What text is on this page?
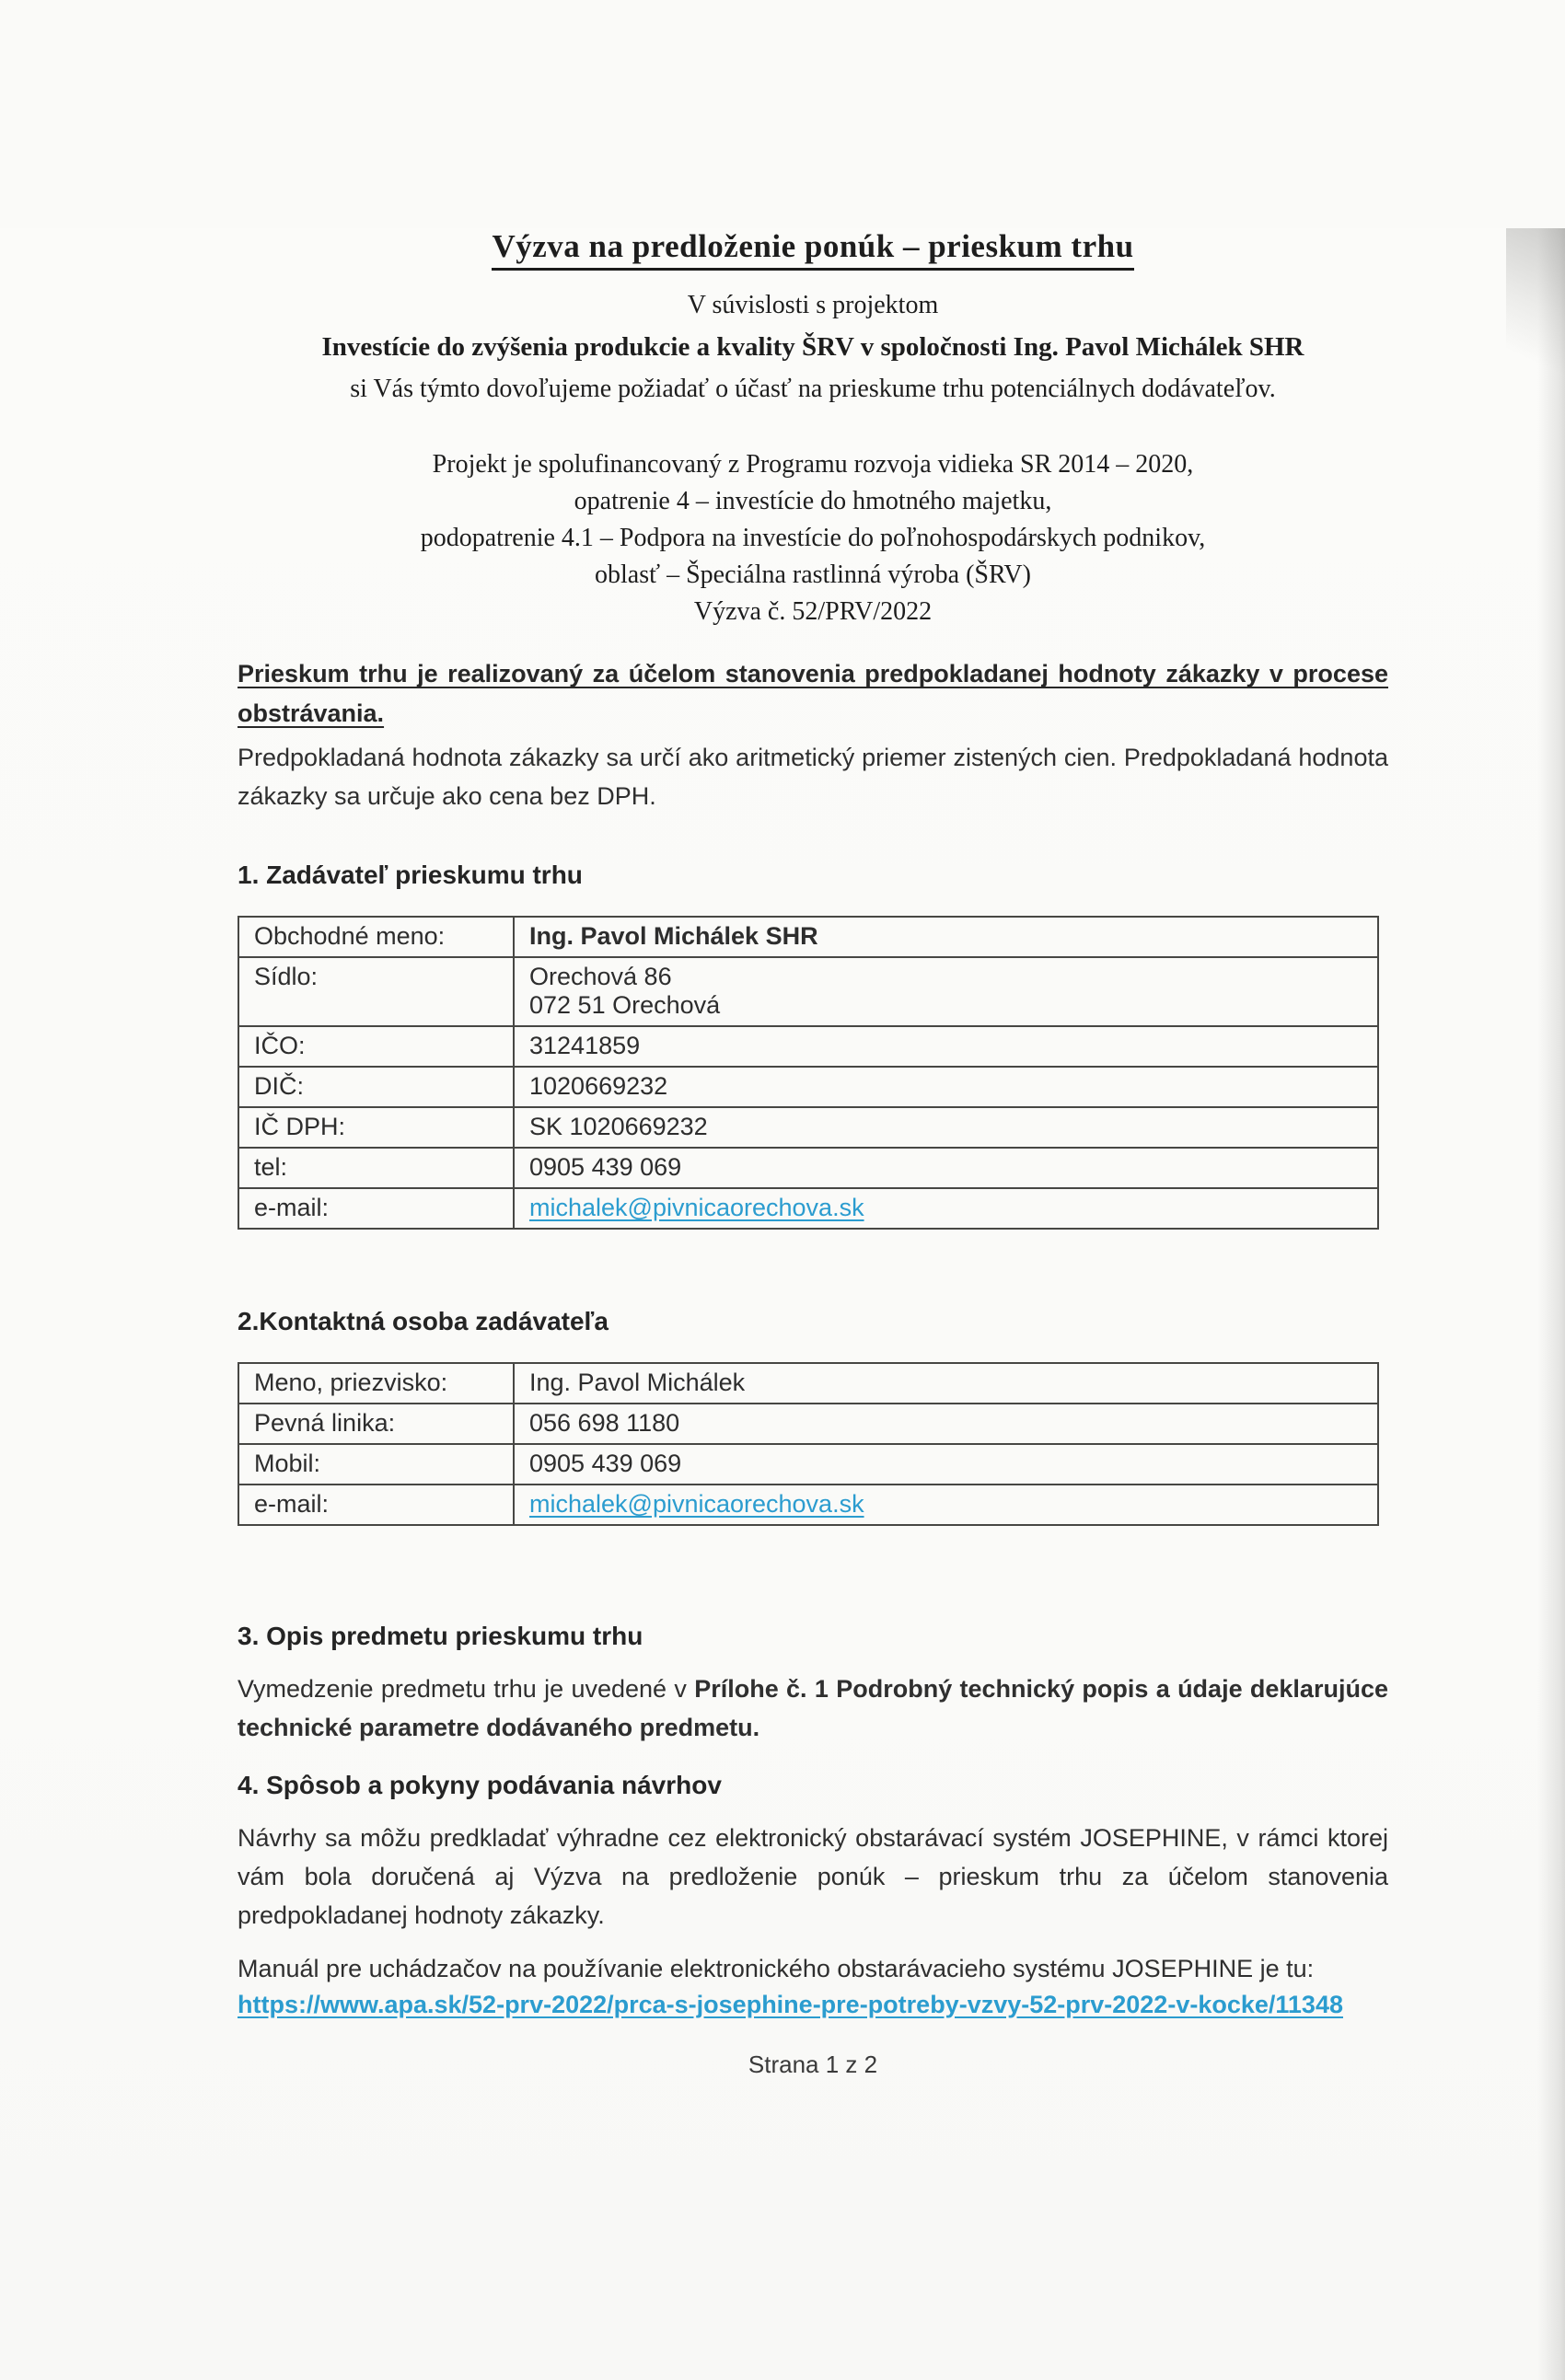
Výzva na predloženie ponúk – prieskum trhu
V súvislosti s projektom
Investície do zvýšenia produkcie a kvality ŠRV v spoločnosti Ing. Pavol Michálek SHR
si Vás týmto dovoľujeme požiadať o účasť na prieskume trhu potenciálnych dodávateľov.
Projekt je spolufinancovaný z Programu rozvoja vidieka SR 2014 – 2020,
opatrenie 4 – investície do hmotného majetku,
podopatrenie 4.1 – Podpora na investície do poľnohospodárskych podnikov,
oblasť – Špeciálna rastlinná výroba (ŠRV)
Výzva č. 52/PRV/2022
Prieskum trhu je realizovaný za účelom stanovenia predpokladanej hodnoty zákazky v procese obstrávania.
Predpokladaná hodnota zákazky sa určí ako aritmetický priemer zistených cien. Predpokladaná hodnota zákazky sa určuje ako cena bez DPH.
1. Zadávateľ prieskumu trhu
Obchodné meno:	Ing. Pavol Michálek SHR
Sídlo:	Orechová 86
072 51 Orechová

IČO:	31241859
DIČ:	1020669232
IČ DPH:	SK 1020669232
tel:	0905 439 069
e-mail:	michalek@pivnicaorechova.sk
2.Kontaktná osoba zadávateľa
Meno, priezvisko:	Ing. Pavol Michálek
Pevná linika:	056 698 1180
Mobil:	0905 439 069
e-mail:	michalek@pivnicaorechova.sk
3. Opis predmetu prieskumu trhu
Vymedzenie predmetu trhu je uvedené v Prílohe č. 1 Podrobný technický popis a údaje deklarujúce technické parametre dodávaného predmetu.
4. Spôsob a pokyny podávania návrhov
Návrhy sa môžu predkladať výhradne cez elektronický obstarávací systém JOSEPHINE, v rámci ktorej vám bola doručená aj Výzva na predloženie ponúk – prieskum trhu za účelom stanovenia predpokladanej hodnoty zákazky.
Manuál pre uchádzačov na používanie elektronického obstarávacieho systému JOSEPHINE je tu:
https://www.apa.sk/52-prv-2022/prca-s-josephine-pre-potreby-vzvy-52-prv-2022-v-kocke/11348
Strana 1 z 2
